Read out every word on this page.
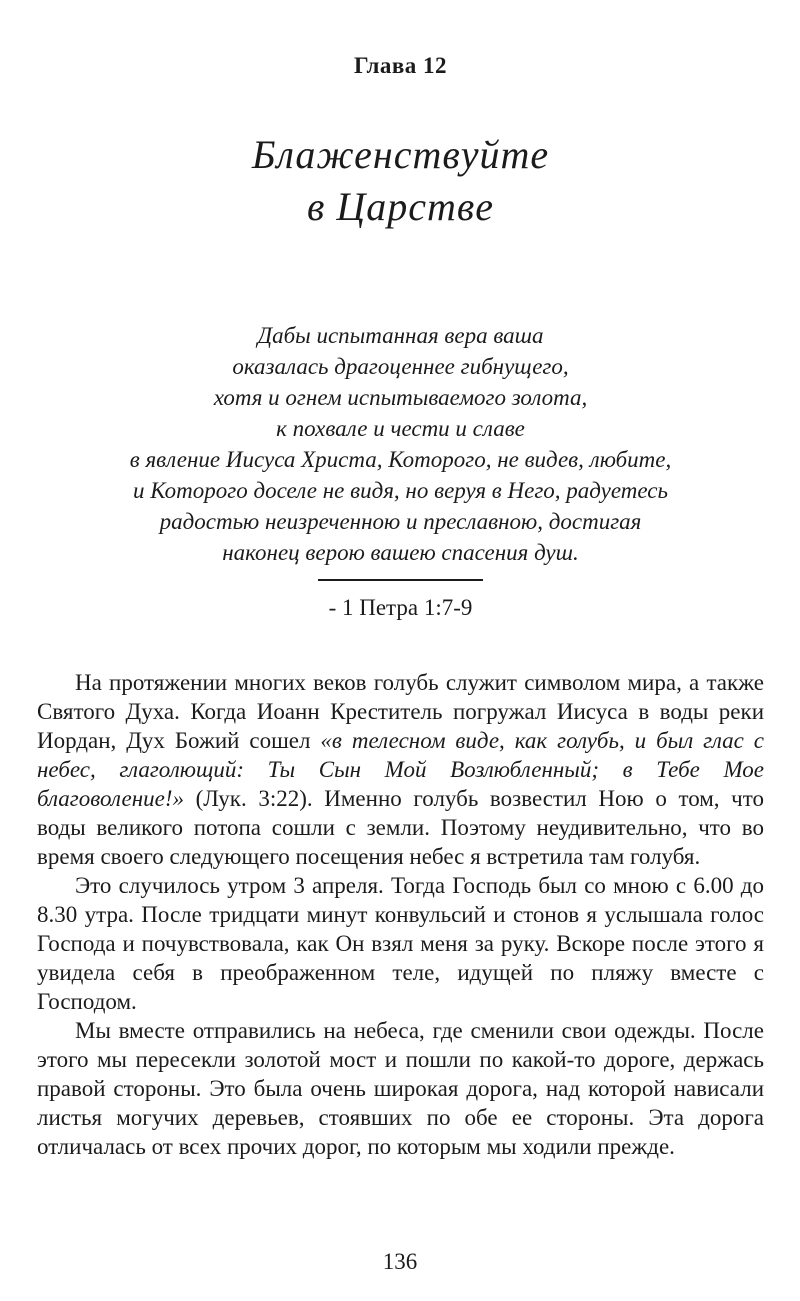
Глава 12
Блаженствуйте
в Царстве
Дабы испытанная вера ваша
оказалась драгоценнее гибнущего,
хотя и огнем испытываемого золота,
к похвале и чести и славе
в явление Иисуса Христа, Которого, не видев, любите,
и Которого доселе не видя, но веруя в Него, радуетесь
радостью неизреченною и преславною, достигая
наконец верою вашею спасения душ.
- 1 Петра 1:7-9

На протяжении многих веков голубь служит символом мира, а также Святого Духа. Когда Иоанн Креститель погружал Иисуса в воды реки Иордан, Дух Божий сошел «в телесном виде, как голубь, и был глас с небес, глаголющий: Ты Сын Мой Возлюбленный; в Тебе Мое благоволение!» (Лук. 3:22). Именно голубь возвестил Ною о том, что воды великого потопа сошли с земли. Поэтому неудивительно, что во время своего следующего посещения небес я встретила там голубя.

Это случилось утром 3 апреля. Тогда Господь был со мною с 6.00 до 8.30 утра. После тридцати минут конвульсий и стонов я услышала голос Господа и почувствовала, как Он взял меня за руку. Вскоре после этого я увидела себя в преображенном теле, идущей по пляжу вместе с Господом.

Мы вместе отправились на небеса, где сменили свои одежды. После этого мы пересекли золотой мост и пошли по какой-то дороге, держась правой стороны. Это была очень широкая дорога, над которой нависали листья могучих деревьев, стоявших по обе ее стороны. Эта дорога отличалась от всех прочих дорог, по которым мы ходили прежде.

136
